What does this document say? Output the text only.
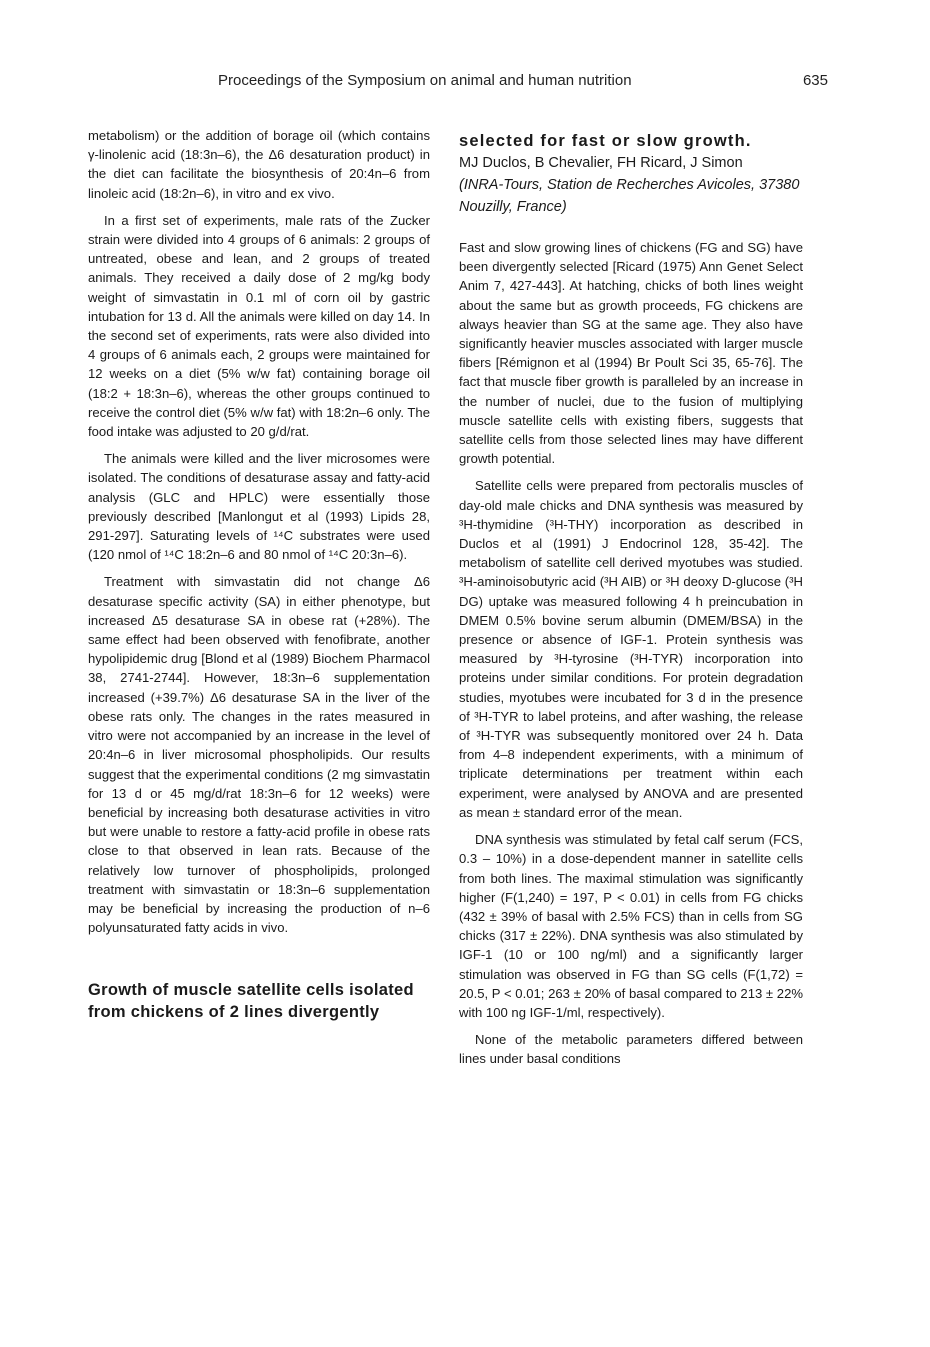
Proceedings of the Symposium on animal and human nutrition	635

metabolism) or the addition of borage oil (which contains γ-linolenic acid (18:3n–6), the Δ6 desaturation product) in the diet can facilitate the biosynthesis of 20:4n–6 from linoleic acid (18:2n–6), in vitro and ex vivo.

In a first set of experiments, male rats of the Zucker strain were divided into 4 groups of 6 animals: 2 groups of untreated, obese and lean, and 2 groups of treated animals. They received a daily dose of 2 mg/kg body weight of simvastatin in 0.1 ml of corn oil by gastric intubation for 13 d. All the animals were killed on day 14. In the second set of experiments, rats were also divided into 4 groups of 6 animals each, 2 groups were maintained for 12 weeks on a diet (5% w/w fat) containing borage oil (18:2 + 18:3n–6), whereas the other groups continued to receive the control diet (5% w/w fat) with 18:2n–6 only. The food intake was adjusted to 20 g/d/rat.

The animals were killed and the liver microsomes were isolated. The conditions of desaturase assay and fatty-acid analysis (GLC and HPLC) were essentially those previously described [Manlongut et al (1993) Lipids 28, 291-297]. Saturating levels of ¹⁴C substrates were used (120 nmol of ¹⁴C 18:2n–6 and 80 nmol of ¹⁴C 20:3n–6).

Treatment with simvastatin did not change Δ6 desaturase specific activity (SA) in either phenotype, but increased Δ5 desaturase SA in obese rat (+28%). The same effect had been observed with fenofibrate, another hypolipidemic drug [Blond et al (1989) Biochem Pharmacol 38, 2741-2744]. However, 18:3n–6 supplementation increased (+39.7%) Δ6 desaturase SA in the liver of the obese rats only. The changes in the rates measured in vitro were not accompanied by an increase in the level of 20:4n–6 in liver microsomal phospholipids. Our results suggest that the experimental conditions (2 mg simvastatin for 13 d or 45 mg/d/rat 18:3n–6 for 12 weeks) were beneficial by increasing both desaturase activities in vitro but were unable to restore a fatty-acid profile in obese rats close to that observed in lean rats. Because of the relatively low turnover of phospholipids, prolonged treatment with simvastatin or 18:3n–6 supplementation may be beneficial by increasing the production of n–6 polyunsaturated fatty acids in vivo.

Growth of muscle satellite cells isolated from chickens of 2 lines divergently
selected for fast or slow growth.
MJ Duclos, B Chevalier, FH Ricard, J Simon
(INRA-Tours, Station de Recherches Avicoles, 37380 Nouzilly, France)

Fast and slow growing lines of chickens (FG and SG) have been divergently selected [Ricard (1975) Ann Genet Select Anim 7, 427-443]. At hatching, chicks of both lines weight about the same but as growth proceeds, FG chickens are always heavier than SG at the same age. They also have significantly heavier muscles associated with larger muscle fibers [Rémignon et al (1994) Br Poult Sci 35, 65-76]. The fact that muscle fiber growth is paralleled by an increase in the number of nuclei, due to the fusion of multiplying muscle satellite cells with existing fibers, suggests that satellite cells from those selected lines may have different growth potential.

Satellite cells were prepared from pectoralis muscles of day-old male chicks and DNA synthesis was measured by ³H-thymidine (³H-THY) incorporation as described in Duclos et al (1991) J Endocrinol 128, 35-42]. The metabolism of satellite cell derived myotubes was studied. ³H-aminoisobutyric acid (³H AIB) or ³H deoxy D-glucose (³H DG) uptake was measured following 4 h preincubation in DMEM 0.5% bovine serum albumin (DMEM/BSA) in the presence or absence of IGF-1. Protein synthesis was measured by ³H-tyrosine (³H-TYR) incorporation into proteins under similar conditions. For protein degradation studies, myotubes were incubated for 3 d in the presence of ³H-TYR to label proteins, and after washing, the release of ³H-TYR was subsequently monitored over 24 h. Data from 4–8 independent experiments, with a minimum of triplicate determinations per treatment within each experiment, were analysed by ANOVA and are presented as mean ± standard error of the mean.

DNA synthesis was stimulated by fetal calf serum (FCS, 0.3 – 10%) in a dose-dependent manner in satellite cells from both lines. The maximal stimulation was significantly higher (F(1,240) = 197, P < 0.01) in cells from FG chicks (432 ± 39% of basal with 2.5% FCS) than in cells from SG chicks (317 ± 22%). DNA synthesis was also stimulated by IGF-1 (10 or 100 ng/ml) and a significantly larger stimulation was observed in FG than SG cells (F(1,72) = 20.5, P < 0.01; 263 ± 20% of basal compared to 213 ± 22% with 100 ng IGF-1/ml, respectively).

None of the metabolic parameters differed between lines under basal conditions
